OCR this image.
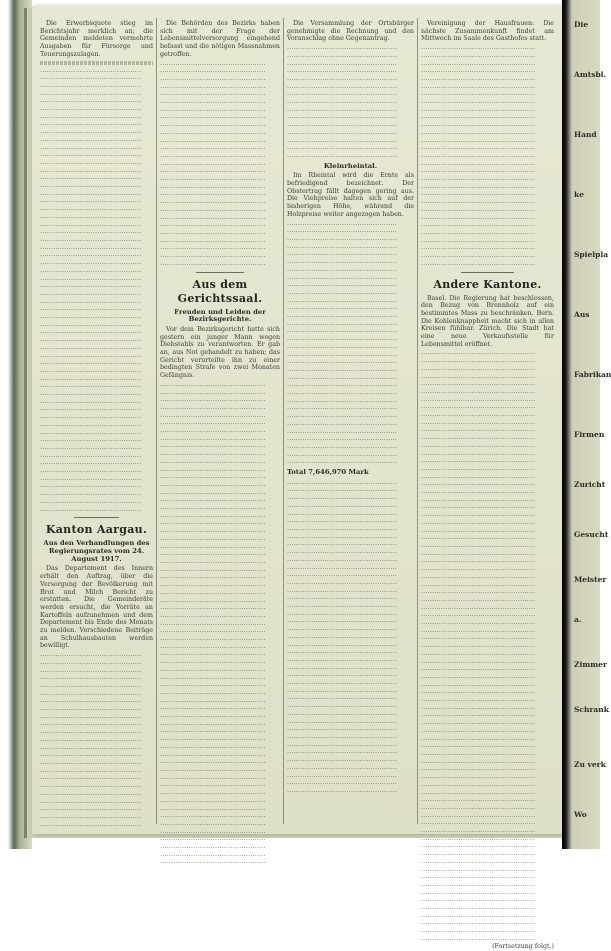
Die Erwerbsquote stieg im Berichtsjahr merklich an; die Gemeinden meldeten vermehrte Ausgaben für Fürsorge und Teuerungszulagen.

..............................................
..............................................
..............................................
..............................................
..............................................
..............................................
..............................................
..............................................
..............................................
..............................................
..............................................
..............................................
..............................................
..............................................
..............................................
..............................................
..............................................
..............................................
..............................................
..............................................
..............................................
..............................................
..............................................
..............................................
..............................................
..............................................
..............................................
..............................................
..............................................
..............................................
..............................................
..............................................
..............................................
..............................................
..............................................
..............................................
..............................................
..............................................
..............................................
..............................................
..............................................
..............................................
..............................................
..............................................
..............................................
..............................................
..............................................
..............................................
..............................................
..............................................
..............................................
..............................................
..............................................
..............................................
..............................................
..............................................
..............................................
..............................................
Kanton Aargau.
Aus den Verhandlungen des Regierungsrates vom 24. August 1917.

Das Departement des Innern erhält den Auftrag, über die Versorgung der Bevölkerung mit Brot und Milch Bericht zu erstatten. Die Gemeinderäte werden ersucht, die Vorräte an Kartoffeln aufzunehmen und dem Departement bis Ende des Monats zu melden. Verschiedene Beiträge an Schulhausbauten werden bewilligt.

..............................................
..............................................
..............................................
..............................................
..............................................
..............................................
..............................................
..............................................
..............................................
..............................................
..............................................
..............................................
..............................................
..............................................
..............................................
..............................................
..............................................
..............................................
..............................................
..............................................
..............................................
..............................................
..............................................

Die Behörden des Bezirks haben sich mit der Frage der Lebensmittelversorgung eingehend befasst und die nötigen Massnahmen getroffen.

................................................
................................................
................................................
................................................
................................................
................................................
................................................
................................................
................................................
................................................
................................................
................................................
................................................
................................................
................................................
................................................
................................................
................................................
................................................
................................................
................................................
................................................
................................................
................................................
................................................
................................................
................................................
Aus dem Gerichtssaal.
Freuden und Leiden der Bezirksgerichte.

Vor dem Bezirksgericht hatte sich gestern ein junger Mann wegen Diebstahls zu verantworten. Er gab an, aus Not gehandelt zu haben; das Gericht verurteilte ihn zu einer bedingten Strafe von zwei Monaten Gefängnis.

................................................
................................................
................................................
................................................
................................................
................................................
................................................
................................................
................................................
................................................
................................................
................................................
................................................
................................................
................................................
................................................
................................................
................................................
................................................
................................................
................................................
................................................
................................................
................................................
................................................
................................................
................................................
................................................
................................................
................................................
................................................
................................................
................................................
................................................
................................................
................................................
................................................
................................................
................................................
................................................
................................................
................................................
................................................
................................................
................................................
................................................
................................................
................................................
................................................
................................................
................................................
................................................
................................................
................................................
................................................
................................................
................................................
................................................
................................................
................................................
................................................
................................................
................................................

Die Versammlung der Ortsbürger genehmigte die Rechnung und den Voranschlag ohne Gegenantrag.

..................................................
..................................................
..................................................
..................................................
..................................................
..................................................
..................................................
..................................................
..................................................
..................................................
..................................................
..................................................
..................................................
..................................................
..................................................
Kleinrheintal.

Im Rheintal wird die Ernte als befriedigend bezeichnet. Der Obstertrag fällt dagegen gering aus. Die Viehpreise halten sich auf der bisherigen Höhe, während die Holzpreise weiter angezogen haben.

..................................................
..................................................
..................................................
..................................................
..................................................
..................................................
..................................................
..................................................
..................................................
..................................................
..................................................
..................................................
..................................................
..................................................
..................................................
..................................................
..................................................
..................................................
..................................................
..................................................
..................................................
..................................................
..................................................
..................................................
..................................................
..................................................
..................................................
..................................................
..................................................
..................................................
..................................................
..................................................
Total 7,646,970 Mark
..................................................
..................................................
..................................................
..................................................
..................................................
..................................................
..................................................
..................................................
..................................................
..................................................
..................................................
..................................................
..................................................
..................................................
..................................................
..................................................
..................................................
..................................................
..................................................
..................................................
..................................................
..................................................
..................................................
..................................................
..................................................
..................................................
..................................................
..................................................
..................................................
..................................................
..................................................
..................................................
..................................................
..................................................
..................................................
..................................................
..................................................
..................................................
..................................................
..................................................
..................................................

Vereinigung der Hausfrauen: Die nächste Zusammenkunft findet am Mittwoch im Saale des Gasthofes statt.

....................................................
....................................................
....................................................
....................................................
....................................................
....................................................
....................................................
....................................................
....................................................
....................................................
....................................................
....................................................
....................................................
....................................................
....................................................
....................................................
....................................................
....................................................
....................................................
....................................................
....................................................
....................................................
....................................................
....................................................
....................................................
....................................................
....................................................
....................................................
....................................................
Andere Kantone.

Basel. Die Regierung hat beschlossen, den Bezug von Brennholz auf ein bestimmtes Mass zu beschränken. Bern. Die Kohlenknappheit macht sich in allen Kreisen fühlbar. Zürich. Die Stadt hat eine neue Verkaufsstelle für Lebensmittel eröffnet.

....................................................
....................................................
....................................................
....................................................
....................................................
....................................................
....................................................
....................................................
....................................................
....................................................
....................................................
....................................................
....................................................
....................................................
....................................................
....................................................
....................................................
....................................................
....................................................
....................................................
....................................................
....................................................
....................................................
....................................................
....................................................
....................................................
....................................................
....................................................
....................................................
....................................................
....................................................
....................................................
....................................................
....................................................
....................................................
....................................................
....................................................
....................................................
....................................................
....................................................
....................................................
....................................................
....................................................
....................................................
....................................................
....................................................
....................................................
....................................................
....................................................
....................................................
....................................................
....................................................
....................................................
....................................................
....................................................
....................................................
....................................................
....................................................
....................................................
....................................................
....................................................
....................................................
....................................................
....................................................
....................................................
....................................................
....................................................
....................................................
....................................................
....................................................
....................................................
....................................................
....................................................
....................................................
....................................................
....................................................
....................................................

(Fortsetzung folgt.)

Die
Amtsbl.
Hand
ke
Spielpla
Aus
Fabrikan
Firmen
Zuricht
Gesucht
Meister
a.
Zimmer
Schrank
Zu verk
Wo
